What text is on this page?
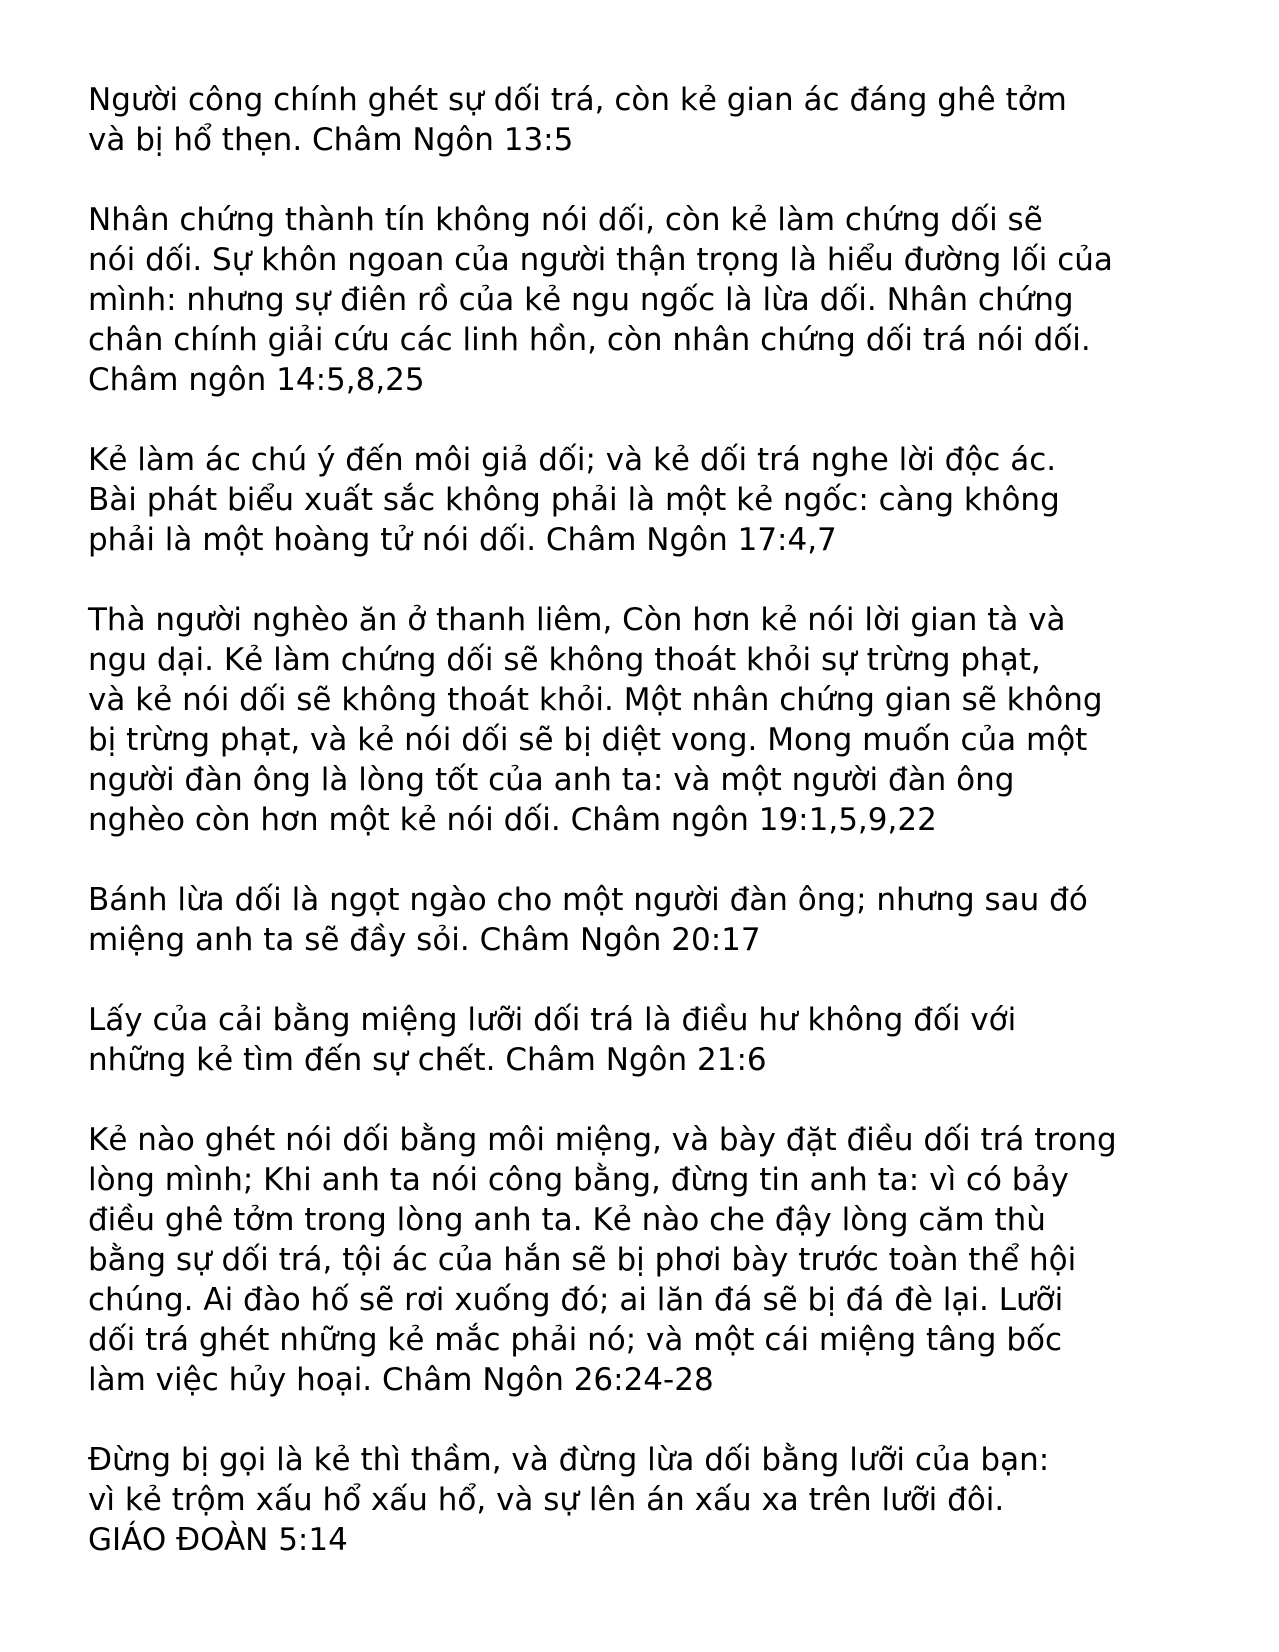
Người công chính ghét sự dối trá, còn kẻ gian ác đáng ghê tởm
và bị hổ thẹn. Châm Ngôn 13:5

Nhân chứng thành tín không nói dối, còn kẻ làm chứng dối sẽ
nói dối. Sự khôn ngoan của người thận trọng là hiểu đường lối của
mình: nhưng sự điên rồ của kẻ ngu ngốc là lừa dối. Nhân chứng
chân chính giải cứu các linh hồn, còn nhân chứng dối trá nói dối.
Châm ngôn 14:5,8,25

Kẻ làm ác chú ý đến môi giả dối; và kẻ dối trá nghe lời độc ác.
Bài phát biểu xuất sắc không phải là một kẻ ngốc: càng không
phải là một hoàng tử nói dối. Châm Ngôn 17:4,7

Thà người nghèo ăn ở thanh liêm, Còn hơn kẻ nói lời gian tà và
ngu dại. Kẻ làm chứng dối sẽ không thoát khỏi sự trừng phạt,
và kẻ nói dối sẽ không thoát khỏi. Một nhân chứng gian sẽ không
bị trừng phạt, và kẻ nói dối sẽ bị diệt vong. Mong muốn của một
người đàn ông là lòng tốt của anh ta: và một người đàn ông
nghèo còn hơn một kẻ nói dối. Châm ngôn 19:1,5,9,22

Bánh lừa dối là ngọt ngào cho một người đàn ông; nhưng sau đó
miệng anh ta sẽ đầy sỏi. Châm Ngôn 20:17

Lấy của cải bằng miệng lưỡi dối trá là điều hư không đối với
những kẻ tìm đến sự chết. Châm Ngôn 21:6

Kẻ nào ghét nói dối bằng môi miệng, và bày đặt điều dối trá trong
lòng mình; Khi anh ta nói công bằng, đừng tin anh ta: vì có bảy
điều ghê tởm trong lòng anh ta. Kẻ nào che đậy lòng căm thù
bằng sự dối trá, tội ác của hắn sẽ bị phơi bày trước toàn thể hội
chúng. Ai đào hố sẽ rơi xuống đó; ai lăn đá sẽ bị đá đè lại. Lưỡi
dối trá ghét những kẻ mắc phải nó; và một cái miệng tâng bốc
làm việc hủy hoại. Châm Ngôn 26:24-28

Đừng bị gọi là kẻ thì thầm, và đừng lừa dối bằng lưỡi của bạn:
vì kẻ trộm xấu hổ xấu hổ, và sự lên án xấu xa trên lưỡi đôi.
GIÁO ĐOÀN 5:14
